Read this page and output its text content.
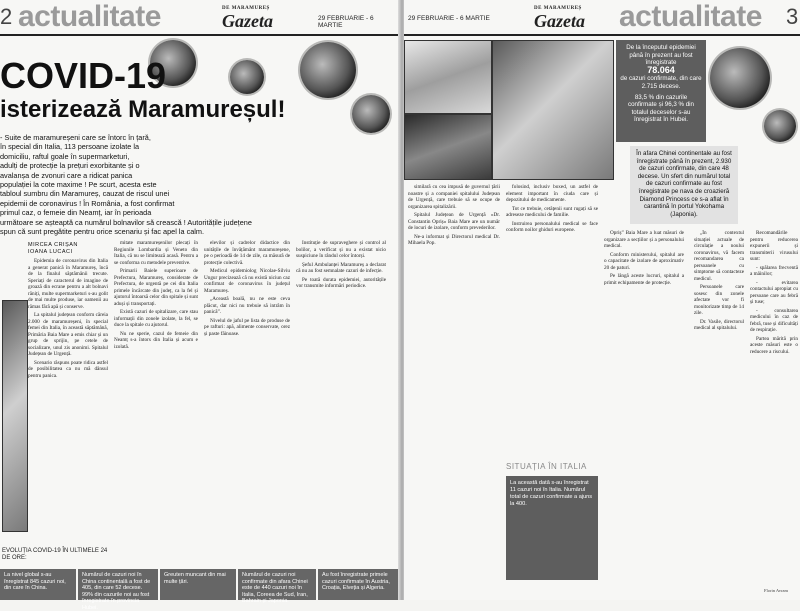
2 actualitate	DE MARAMUREȘ
Gazeta	29 FEBRUARIE - 6 MARTIE
COVID-19
isterizează Maramureșul!

- Suite de maramureșeni care se întorc în țară,

în special din Italia, 113 persoane izolate la

domiciliu, raftul goale în supermarketuri,

adulți de protecție la prețuri exorbitante și o

avalanșa de zvonuri care a ridicat panica

populației la cote maxime ! Pe scurt, acesta este

tabloul sumbru din Maramureș, cauzat de riscul unei

epidemii de coronavirus ! În România, a fost confirmat

primul caz, o femeie din Neamț, iar în perioada

următoare se așteaptă ca numărul bolnavilor să crească ! Autoritățile județene

spun că sunt pregătite pentru orice scenariu și fac apel la calm.

MIRCEA CRIȘAN
IOANA LUCACI

Epidemia de coronavirus din Italia a generat panică în Maramureș, încă de la finalul săptămânii trecute. Speriați de caracterul de imagine de groază din ecrane pentru a alt bolnavi răniți, multe supermarketuri s-au golit de mai multe produse, iar oamenii au rămas fără apă și conserve.

La spitalul județean conform căreia 2.000 de maramureșeni, în special femei din Italia, în această săptămână, Primăria Baia Mare a emis chiar și un grup de sprijin, pe cetele de socializare, unul zis anonimi. Spitalul Județean de Urgență.

Scenario răspuns poate ridica astfel de posibilitatea ca nu mă dânsul pentru panica.

mitate maramureșenilor plecați în Regiunile Lombardia și Veneto din Italia, că nu se limitează acasă. Pentru a se conforma cu metodele preventive.

Primarii Baiele superioare de Prefectura, Maramureș, considerate de Prefectura, de urgentă pe cei din Italia primele încărcate din județ, ca la fel și ajutorul întoarsă celor din spitale și sunt aduși și transportați.

Există cazuri de spitalizare, care stau informații din zonele izolate, la fel, se duce la spitale cu ajutorul.

Nu ne sperie, cazul de femeie din Neamț s-a întors din Italia și acum e izolată.

elevilor și cadrelor didactice din unitățile de învățământ maramureșene, pe o perioadă de 14 de zile, ca măsură de protecție colectivă.

Medicul epidemiolog Nicolae-Silviu Ungur precizează că nu există niciun caz confirmat de coronavirus în județul Maramureș.

„Această boală, nu ne este ceva plăcut, dar nici nu trebuie să intrăm în panică”.

Nivelul de jaful pe lista de produse de pe rafturi: apă, alimente conservate, orez și paste făinoase.

Instituție de supraveghere și control al bolilor, a verificat și nu a existat nicio suspiciune în rândul celor întorși.

Șeful Ambulanței Maramureș a declarat că nu au fost semnalate cazuri de infecție.

Pe toată durata epidemiei, autoritățile vor transmite informări periodice.

EVOLUȚIA COVID-19 ÎN ULTIMELE 24 DE ORE:
La nivel global s-au înregistrat 845 cazuri noi, din care în China.
Numărul de cazuri noi în China continentală a fost de 405, din care 52 decese. 99% din cazurile noi au fost înregistrate în provincia Hubei.
Greuten muncant din mai multe țări.
Numărul de cazuri noi confirmate din afara Chinei este de 440 cazuri noi în Italia, Coreea de Sud, Iran, Bahrain și Japonia.
Au fost înregistrate primele cazuri confirmate în Austria, Croația, Elveția și Algeria.
29 FEBRUARIE - 6 MARTIE
DE MARAMUREȘ
Gazeta actualitate 3
De la începutul epidemiei până în prezent au fost înregistrate
78.064
de cazuri confirmate, din care 2.715 decese.
83,5 % din cazurile confirmate și 96,3 % din totalul deceselor s-au înregistrat în Hubei.
În afara Chinei continentale au fost înregistrate până în prezent, 2.930 de cazuri confirmate, din care 48 decese. Un sfert din numărul total de cazuri confirmate au fost înregistrate pe nava de croazieră Diamond Princess ce s-a aflat în carantină în portul Yokohama (Japonia).

similară cu cea impusă de guvernul țării noastre și a companiei spitalului Județean de Urgență, care trebuie să se ocupe de organizarea spitalizării.

Spitalul Județean de Urgență «Dr. Constantin Opriș» Baia Mare are un număr de locuri de izolare, conform prevederilor.

Ne-a informat și Directorul medical Dr. Mihaela Pop.

folosind, inclusiv boxed, un astfel de element important în ciuda care și depozitului de medicamente.

Tot ce trebuie, cetățenii sunt rugați să se adreseze medicului de familie.

Instruirea personalului medical se face conform noilor ghiduri europene.	Opriș” Baia Mare a luat măsuri de organizare a secțiilor și a personalului medical.

Conform ministerului, spitalul are o capacitate de izolare de aproximativ 20 de paturi.

Pe lângă aceste lucruri, spitalul a primit echipamente de protecție.

„În contextul situației actuale de circulație a noului coronavirus, vă facem recomandarea ca persoanele cu simptome să contacteze medicul.

Persoanele care sosesc din zonele afectate vor fi monitorizate timp de 14 zile.

Dr. Vasile, directorul medical al spitalului.

Recomandările pentru reducerea expunerii și transmiterii virusului sunt:

- spălarea frecventă a mâinilor;

- evitarea contactului apropiat cu persoane care au febră și tuse;

- consultarea medicului în caz de febră, tuse și dificultăți de respirație.

Partea mărită prin aceste măsuri este o reducere a riscului.

SITUAȚIA ÎN ITALIA
La această dată s-au înregistrat 11 cazuri noi în Italia. Numărul total de cazuri confirmate a ajuns la 400.
Florin Avram
